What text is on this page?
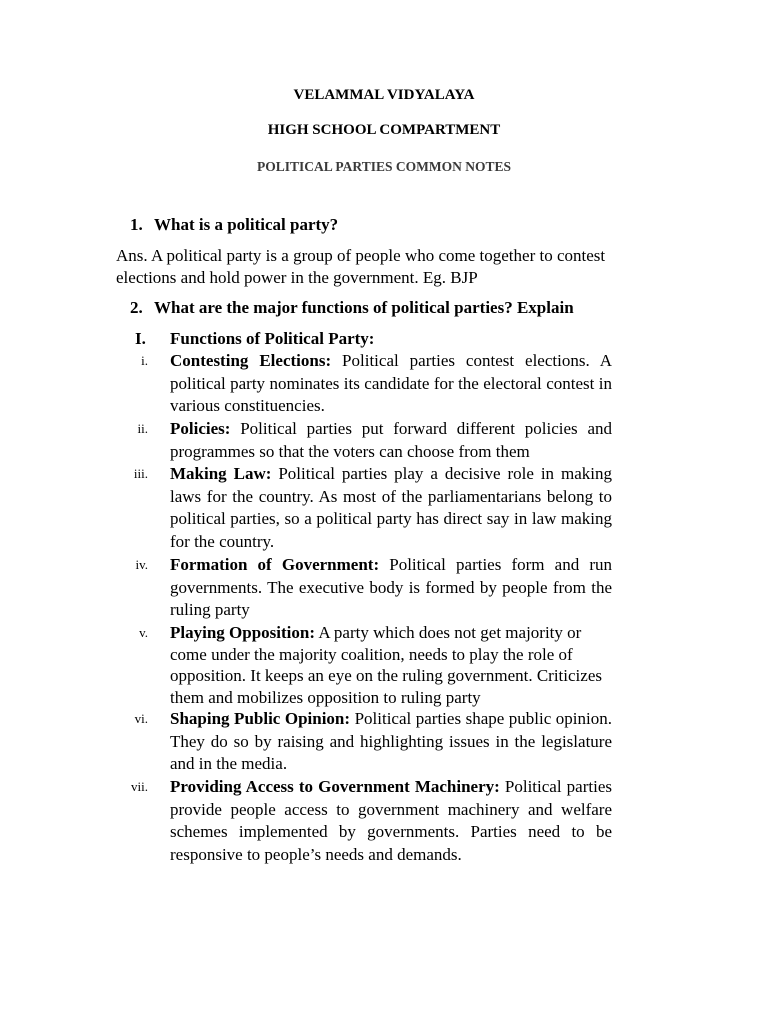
VELAMMAL VIDYALAYA
HIGH SCHOOL COMPARTMENT
POLITICAL PARTIES COMMON NOTES
1. What is a political party?
Ans. A political party is a group of people who come together to contest elections and hold power in the government. Eg. BJP
2. What are the major functions of political parties? Explain
I. Functions of Political Party:
i. Contesting Elections: Political parties contest elections. A political party nominates its candidate for the electoral contest in various constituencies.
ii. Policies: Political parties put forward different policies and programmes so that the voters can choose from them
iii. Making Law: Political parties play a decisive role in making laws for the country. As most of the parliamentarians belong to political parties, so a political party has direct say in law making for the country.
iv. Formation of Government: Political parties form and run governments. The executive body is formed by people from the ruling party
v. Playing Opposition: A party which does not get majority or come under the majority coalition, needs to play the role of opposition. It keeps an eye on the ruling government. Criticizes them and mobilizes opposition to ruling party
vi. Shaping Public Opinion: Political parties shape public opinion. They do so by raising and highlighting issues in the legislature and in the media.
vii. Providing Access to Government Machinery: Political parties provide people access to government machinery and welfare schemes implemented by governments. Parties need to be responsive to people’s needs and demands.
